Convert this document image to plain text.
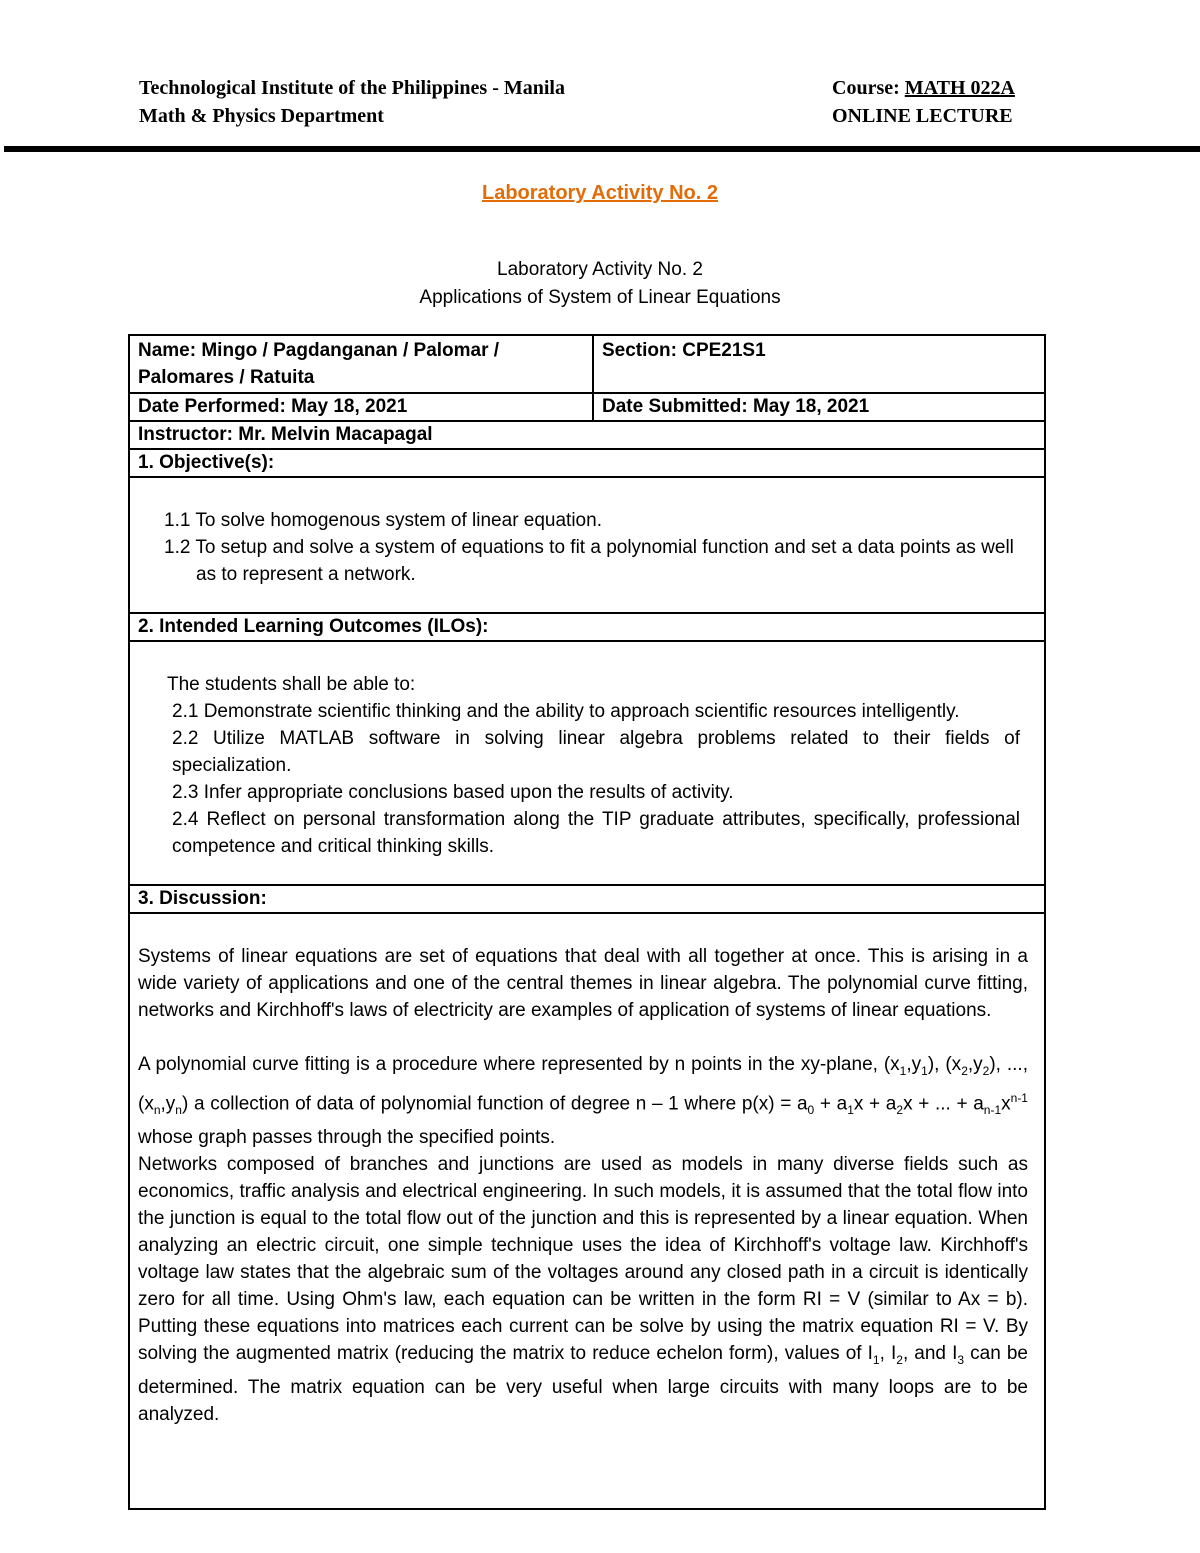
Technological Institute of the Philippines - Manila
Math & Physics Department
Course: MATH 022A
ONLINE LECTURE
Laboratory Activity No. 2
Laboratory Activity No. 2
Applications of System of Linear Equations
Name: Mingo / Pagdanganan / Palomar /
Palomares / Ratuita
Section: CPE21S1
Date Performed: May 18, 2021	Date Submitted: May 18, 2021
Instructor: Mr. Melvin Macapagal
1. Objective(s):
1.1 To solve homogenous system of linear equation.
1.2 To setup and solve a system of equations to fit a polynomial function and set a data points as well
as to represent a network.
2. Intended Learning Outcomes (ILOs):
The students shall be able to:
2.1 Demonstrate scientific thinking and the ability to approach scientific resources intelligently.
2.2 Utilize MATLAB software in solving linear algebra problems related to their fields of specialization.
2.3 Infer appropriate conclusions based upon the results of activity.
2.4 Reflect on personal transformation along the TIP graduate attributes, specifically, professional competence and critical thinking skills.
3. Discussion:
Systems of linear equations are set of equations that deal with all together at once. This is arising in a wide variety of applications and one of the central themes in linear algebra. The polynomial curve fitting, networks and Kirchhoff's laws of electricity are examples of application of systems of linear equations.
A polynomial curve fitting is a procedure where represented by n points in the xy-plane, $(x_1,y_1)$, $(x_2,y_2)$, ..., $(x_n,y_n)$ a collection of data of polynomial function of degree n – 1 where $p(x) = a_0 + a_1x + a_2x$ + ... + $a_{n-1}x^{n-1}$ whose graph passes through the specified points.
Networks composed of branches and junctions are used as models in many diverse fields such as economics, traffic analysis and electrical engineering. In such models, it is assumed that the total flow into the junction is equal to the total flow out of the junction and this is represented by a linear equation. When analyzing an electric circuit, one simple technique uses the idea of Kirchhoff's voltage law. Kirchhoff's voltage law states that the algebraic sum of the voltages around any closed path in a circuit is identically zero for all time. Using Ohm's law, each equation can be written in the form RI = V (similar to Ax = b). Putting these equations into matrices each current can be solve by using the matrix equation RI = V. By solving the augmented matrix (reducing the matrix to reduce echelon form), values of $I_1$, $I_2$, and $I_3$ can be determined. The matrix equation can be very useful when large circuits with many loops are to be analyzed.
